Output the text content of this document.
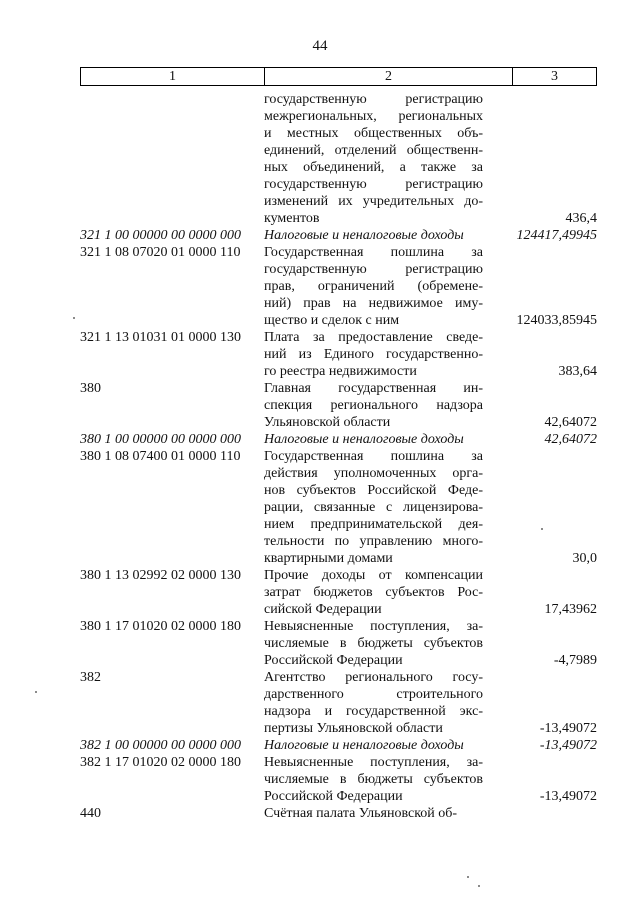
44
1	2	3
государственную регистрацию
межрегиональных, региональных
и местных общественных объ-
единений, отделений общественн-
ных объединений, а также за
государственную регистрацию
изменений их учредительных до-
кументов	436,4
321 1 00 00000 00 0000 000	Налоговые и неналоговые доходы	124417,49945
321 1 08 07020 01 0000 110	Государственная пошлина за
государственную регистрацию
прав, ограничений (обремене-
ний) прав на недвижимое иму-
щество и сделок с ним	124033,85945
321 1 13 01031 01 0000 130	Плата за предоставление сведе-
ний из Единого государственно-
го реестра недвижимости	383,64
380	Главная государственная ин-
спекция регионального надзора
Ульяновской области	42,64072
380 1 00 00000 00 0000 000	Налоговые и неналоговые доходы	42,64072
380 1 08 07400 01 0000 110	Государственная пошлина за
действия уполномоченных орга-
нов субъектов Российской Феде-
рации, связанные с лицензирова-
нием предпринимательской дея-
тельности по управлению много-
квартирными домами	30,0
380 1 13 02992 02 0000 130	Прочие доходы от компенсации
затрат бюджетов субъектов Рос-
сийской Федерации	17,43962
380 1 17 01020 02 0000 180	Невыясненные поступления, за-
числяемые в бюджеты субъектов
Российской Федерации	-4,7989
382	Агентство регионального госу-
дарственного строительного
надзора и государственной экс-
пертизы Ульяновской области	-13,49072
382 1 00 00000 00 0000 000	Налоговые и неналоговые доходы	-13,49072
382 1 17 01020 02 0000 180	Невыясненные поступления, за-
числяемые в бюджеты субъектов
Российской Федерации	-13,49072
440	Счётная палата Ульяновской об-
